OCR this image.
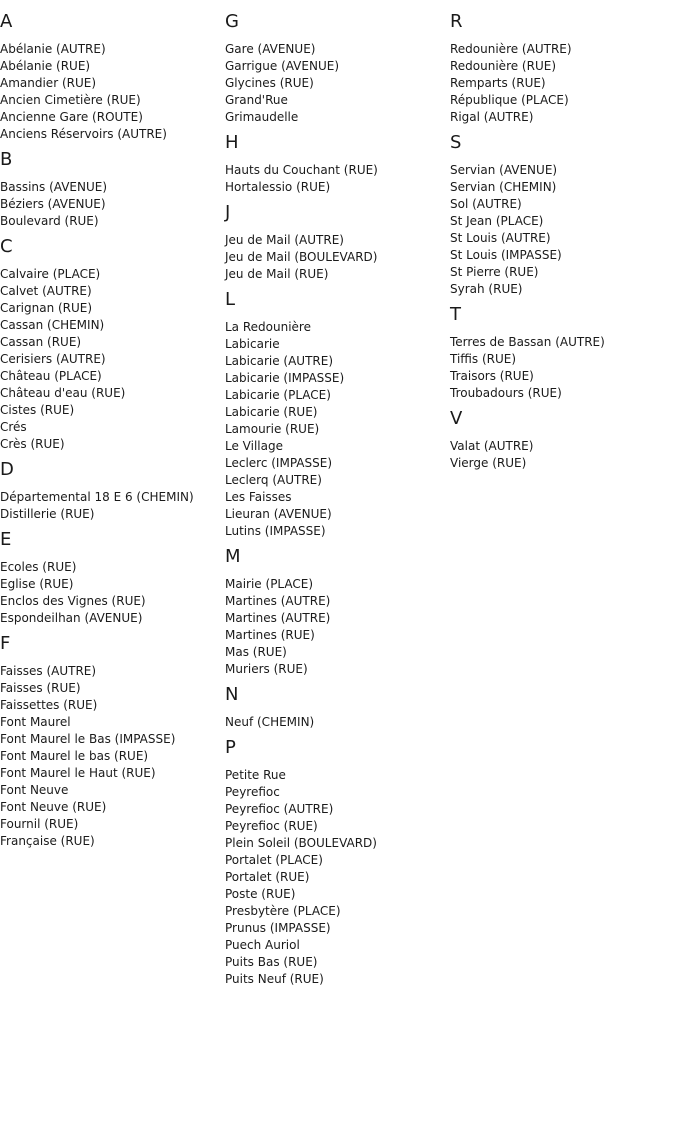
A
Abélanie (AUTRE)
Abélanie (RUE)
Amandier (RUE)
Ancien Cimetière (RUE)
Ancienne Gare (ROUTE)
Anciens Réservoirs (AUTRE)
B
Bassins (AVENUE)
Béziers (AVENUE)
Boulevard (RUE)
C
Calvaire (PLACE)
Calvet (AUTRE)
Carignan (RUE)
Cassan (CHEMIN)
Cassan (RUE)
Cerisiers (AUTRE)
Château (PLACE)
Château d'eau (RUE)
Cistes (RUE)
Crés
Crès (RUE)
D
Départemental 18 E 6 (CHEMIN)
Distillerie (RUE)
E
Ecoles (RUE)
Eglise (RUE)
Enclos des Vignes (RUE)
Espondeilhan (AVENUE)
F
Faisses (AUTRE)
Faisses (RUE)
Faissettes (RUE)
Font Maurel
Font Maurel le Bas (IMPASSE)
Font Maurel le bas (RUE)
Font Maurel le Haut (RUE)
Font Neuve
Font Neuve (RUE)
Fournil (RUE)
Française (RUE)
G
Gare (AVENUE)
Garrigue (AVENUE)
Glycines (RUE)
Grand'Rue
Grimaudelle
H
Hauts du Couchant (RUE)
Hortalessio (RUE)
J
Jeu de Mail (AUTRE)
Jeu de Mail (BOULEVARD)
Jeu de Mail (RUE)
L
La Redounière
Labicarie
Labicarie (AUTRE)
Labicarie (IMPASSE)
Labicarie (PLACE)
Labicarie (RUE)
Lamourie (RUE)
Le Village
Leclerc (IMPASSE)
Leclerq (AUTRE)
Les Faisses
Lieuran (AVENUE)
Lutins (IMPASSE)
M
Mairie (PLACE)
Martines (AUTRE)
Martines (AUTRE)
Martines (RUE)
Mas (RUE)
Muriers (RUE)
N
Neuf (CHEMIN)
P
Petite Rue
Peyrefioc
Peyrefioc (AUTRE)
Peyrefioc (RUE)
Plein Soleil (BOULEVARD)
Portalet (PLACE)
Portalet (RUE)
Poste (RUE)
Presbytère (PLACE)
Prunus (IMPASSE)
Puech Auriol
Puits Bas (RUE)
Puits Neuf (RUE)
R
Redounière (AUTRE)
Redounière (RUE)
Remparts (RUE)
République (PLACE)
Rigal (AUTRE)
S
Servian (AVENUE)
Servian (CHEMIN)
Sol (AUTRE)
St Jean (PLACE)
St Louis (AUTRE)
St Louis (IMPASSE)
St Pierre (RUE)
Syrah (RUE)
T
Terres de Bassan (AUTRE)
Tiffis (RUE)
Traisors (RUE)
Troubadours (RUE)
V
Valat (AUTRE)
Vierge (RUE)
